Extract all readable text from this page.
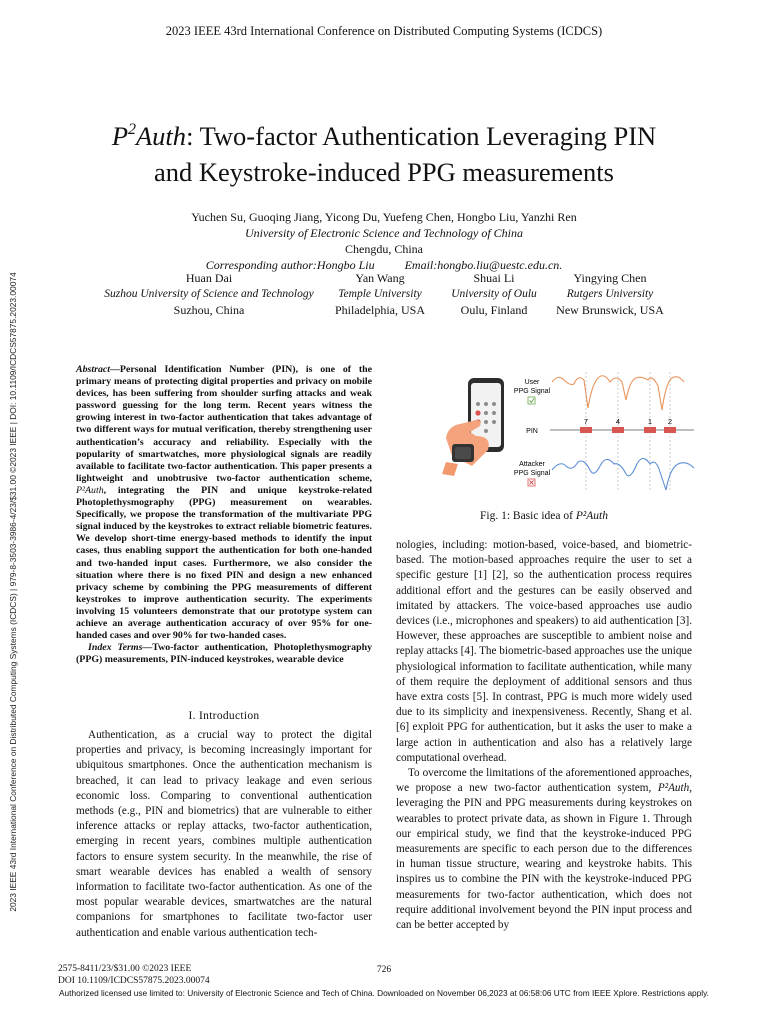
2023 IEEE 43rd International Conference on Distributed Computing Systems (ICDCS)
2023 IEEE 43rd International Conference on Distributed Computing Systems (ICDCS) | 979-8-3503-3986-4/23/$31.00 ©2023 IEEE | DOI: 10.1109/ICDCS57875.2023.00074
$P^2Auth$: Two-factor Authentication Leveraging PIN
and Keystroke-induced PPG measurements
Yuchen Su, Guoqing Jiang, Yicong Du, Yuefeng Chen, Hongbo Liu, Yanzhi Ren
University of Electronic Science and Technology of China
Chengdu, China
Corresponding author:Hongbo Liu          Email:hongbo.liu@uestc.edu.cn.
Huan Dai
Suzhou University of Science and Technology
Suzhou, China
Yan Wang
Temple University
Philadelphia, USA
Shuai Li
University of Oulu
Oulu, Finland
Yingying Chen
Rutgers University
New Brunswick, USA

Abstract—Personal Identification Number (PIN), is one of the primary means of protecting digital properties and privacy on mobile devices, has been suffering from shoulder surfing attacks and weak password guessing for the long term. Recent years witness the growing interest in two-factor authentication that takes advantage of two different ways for mutual verification, thereby strengthening user authentication’s accuracy and reliability. Especially with the popularity of smartwatches, more physiological signals are readily available to facilitate two-factor authentication. This paper presents a lightweight and unobtrusive two-factor authentication scheme, P²Auth, integrating the PIN and unique keystroke-related Photoplethysmography (PPG) measurement on wearables. Specifically, we propose the transformation of the multivariate PPG signal induced by the keystrokes to extract reliable biometric features. We develop short-time energy-based methods to identify the input cases, thus enabling support the authentication for both one-handed and two-handed input cases. Furthermore, we also consider the situation where there is no fixed PIN and design a new enhanced privacy scheme by combining the PPG measurements of different keystrokes to improve authentication security. The experiments involving 15 volunteers demonstrate that our prototype system can achieve an average authentication accuracy of over 95% for one-handed cases and over 90% for two-handed cases.

Index Terms—Two-factor authentication, Photoplethysmography (PPG) measurements, PIN-induced keystrokes, wearable device

I. Introduction

Authentication, as a crucial way to protect the digital properties and privacy, is becoming increasingly important for ubiquitous smartphones. Once the authentication mechanism is breached, it can lead to privacy leakage and even serious economic loss. Comparing to conventional authentication methods (e.g., PIN and biometrics) that are vulnerable to either inference attacks or replay attacks, two-factor authentication, emerging in recent years, combines multiple authentication factors to ensure system security. In the meanwhile, the rise of smart wearable devices has enabled a wealth of sensory information to facilitate two-factor authentication. As one of the most popular wearable devices, smartwatches are the natural companions for smartphones to facilitate two-factor user authentication and enable various authentication tech-

User
PPG Signal
PIN
7	4	1 2
Attacker
PPG Signal
Fig. 1: Basic idea of P²Auth

nologies, including: motion-based, voice-based, and biometric-based. The motion-based approaches require the user to set a specific gesture [1] [2], so the authentication process requires additional effort and the gestures can be easily observed and imitated by attackers. The voice-based approaches use audio devices (i.e., microphones and speakers) to aid authentication [3]. However, these approaches are susceptible to ambient noise and replay attacks [4]. The biometric-based approaches use the unique physiological information to facilitate authentication, while many of them require the deployment of additional sensors and thus have extra costs [5]. In contrast, PPG is much more widely used due to its simplicity and inexpensiveness. Recently, Shang et al. [6] exploit PPG for authentication, but it asks the user to make a large action in authentication and also has a relatively large computational overhead.

To overcome the limitations of the aforementioned approaches, we propose a new two-factor authentication system, P²Auth, leveraging the PIN and PPG measurements during keystrokes on wearables to protect private data, as shown in Figure 1. Through our empirical study, we find that the keystroke-induced PPG measurements are specific to each person due to the differences in human tissue structure, wearing and keystroke habits. This inspires us to combine the PIN with the keystroke-induced PPG measurements for two-factor authentication, which does not require additional involvement beyond the PIN input process and can be better accepted by

2575-8411/23/$31.00 ©2023 IEEE
DOI 10.1109/ICDCS57875.2023.00074
726
Authorized licensed use limited to: University of Electronic Science and Tech of China. Downloaded on November 06,2023 at 06:58:06 UTC from IEEE Xplore. Restrictions apply.
